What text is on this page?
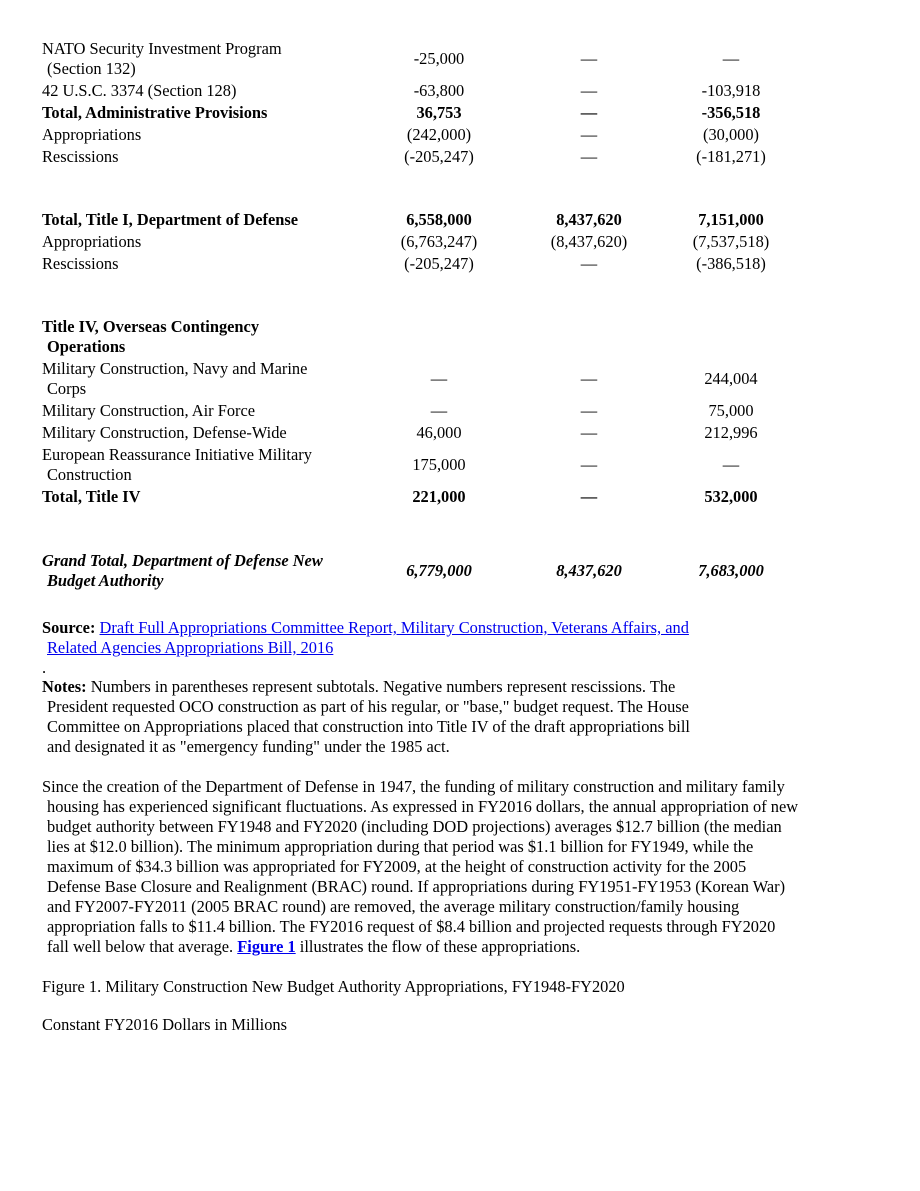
NATO Security Investment Program
(Section 132)	-25,000	—	—
42 U.S.C. 3374 (Section 128)	-63,800	—	-103,918
Total, Administrative Provisions	36,753	—	-356,518
Appropriations	(242,000)	—	(30,000)
Rescissions	(-205,247)	—	(-181,271)

Total, Title I, Department of Defense	6,558,000	8,437,620	7,151,000
Appropriations	(6,763,247)	(8,437,620)	(7,537,518)
Rescissions	(-205,247)	—	(-386,518)

Title IV, Overseas Contingency
Operations			

Military Construction, Navy and Marine
Corps	—	—	244,004
Military Construction, Air Force	—	—	75,000
Military Construction, Defense-Wide	46,000	—	212,996
European Reassurance Initiative Military
Construction	175,000	—	—
Total, Title IV	221,000	—	532,000

Grand Total, Department of Defense New
Budget Authority	6,779,000	8,437,620	7,683,000

Source: Draft Full Appropriations Committee Report, Military Construction, Veterans Affairs, and

Related Agencies Appropriations Bill, 2016
.

Notes: Numbers in parentheses represent subtotals. Negative numbers represent rescissions. The
President requested OCO construction as part of his regular, or "base," budget request. The House
Committee on Appropriations placed that construction into Title IV of the draft appropriations bill
and designated it as "emergency funding" under the 1985 act.

Since the creation of the Department of Defense in 1947, the funding of military construction and military family
housing has experienced significant fluctuations. As expressed in FY2016 dollars, the annual appropriation of new
budget authority between FY1948 and FY2020 (including DOD projections) averages $12.7 billion (the median
lies at $12.0 billion). The minimum appropriation during that period was $1.1 billion for FY1949, while the
maximum of $34.3 billion was appropriated for FY2009, at the height of construction activity for the 2005
Defense Base Closure and Realignment (BRAC) round. If appropriations during FY1951-FY1953 (Korean War)
and FY2007-FY2011 (2005 BRAC round) are removed, the average military construction/family housing
appropriation falls to $11.4 billion. The FY2016 request of $8.4 billion and projected requests through FY2020
fall well below that average. Figure 1 illustrates the flow of these appropriations.

Figure 1. Military Construction New Budget Authority Appropriations, FY1948-FY2020

Constant FY2016 Dollars in Millions
